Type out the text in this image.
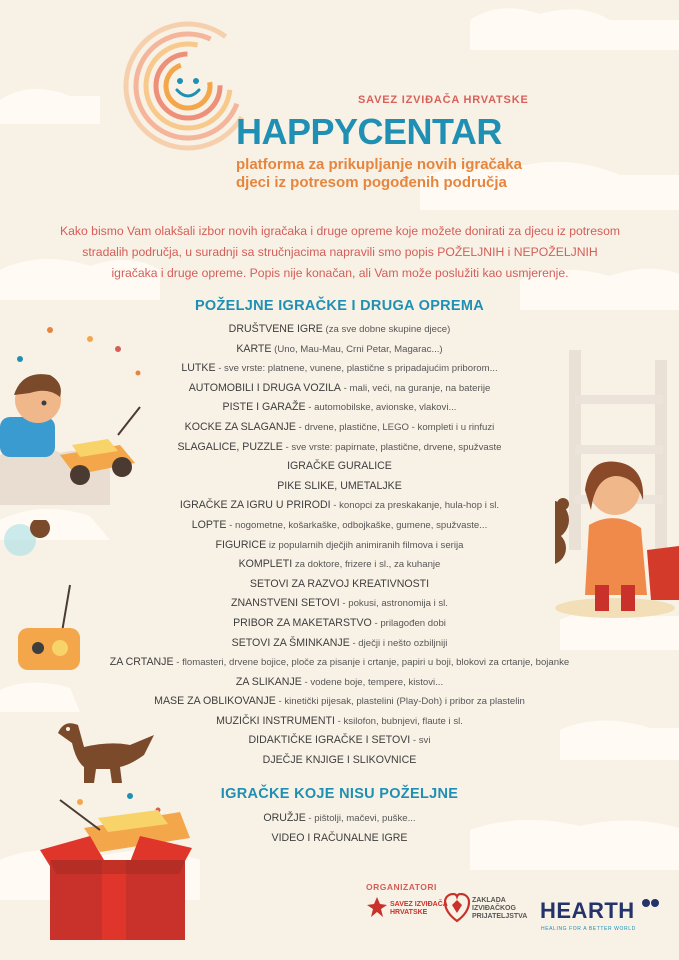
SAVEZ IZVIĐAČA HRVATSKE
HAPPYCENTAR
platforma za prikupljanje novih igračaka
djeci iz potresom pogođenih područja
Kako bismo Vam olakšali izbor novih igračaka i druge opreme koje možete donirati za djecu iz potresom
stradalih područja, u suradnji sa stručnjacima napravili smo popis POŽELJNIH i NEPOŽELJNIH
igračaka i druge opreme. Popis nije konačan, ali Vam može poslužiti kao usmjerenje.
POŽELJNE IGRAČKE I DRUGA OPREMA
DRUŠTVENE IGRE (za sve dobne skupine djece)
KARTE (Uno, Mau-Mau, Crni Petar, Magarac...)
LUTKE - sve vrste: platnene, vunene, plastične s pripadajućim priborom...
AUTOMOBILI I DRUGA VOZILA - mali, veći, na guranje, na baterije
PISTE I GARAŽE - automobilske, avionske, vlakovi...
KOCKE ZA SLAGANJE - drvene, plastične, LEGO - kompleti i u rinfuzi
SLAGALICE, PUZZLE - sve vrste: papirnate, plastične, drvene, spužvaste
IGRAČKE GURALICE
PIKE SLIKE, UMETALJKE
IGRAČKE ZA IGRU U PRIRODI - konopci za preskakanje, hula-hop i sl.
LOPTE - nogometne, košarkaške, odbojkaške, gumene, spužvaste...
FIGURICE iz popularnih dječjih animiranih filmova i serija
KOMPLETI za doktore, frizere i sl., za kuhanje
SETOVI ZA RAZVOJ KREATIVNOSTI
ZNANSTVENI SETOVI - pokusi, astronomija i sl.
PRIBOR ZA MAKETARSTVO - prilagođen dobi
SETOVI ZA ŠMINKANJE - dječji i nešto ozbiljniji
ZA CRTANJE - flomasteri, drvene bojice, ploče za pisanje i crtanje, papiri u boji, blokovi za crtanje, bojanke
ZA SLIKANJE - vodene boje, tempere, kistovi...
MASE ZA OBLIKOVANJE - kinetički pijesak, plastelini (Play-Doh) i pribor za plastelin
MUZIČKI INSTRUMENTI - ksilofon, bubnjevi, flaute i sl.
DIDAKTIČKE IGRAČKE I SETOVI - svi
DJEČJE KNJIGE I SLIKOVNICE
IGRAČKE KOJE NISU POŽELJNE
ORUŽJE - pištolji, mačevi, puške...
VIDEO I RAČUNALNE IGRE
ORGANIZATORI
SAVEZ IZVIĐAČA HRVATSKE
ZAKLADA IZVIĐAČKOG PRIJATELJSTVA HEARTH
HEALING FOR A BETTER WORLD
